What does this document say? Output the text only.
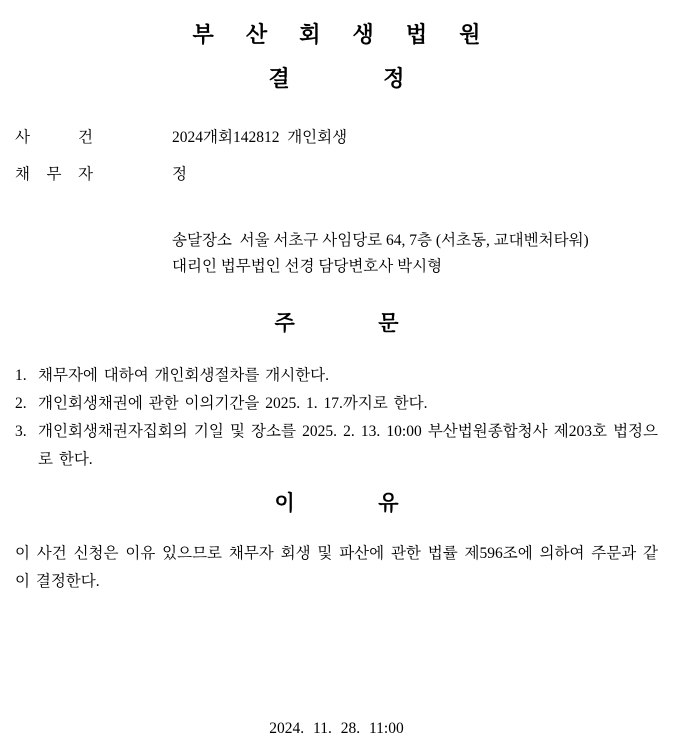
부 산 회 생 법 원
결	정
사	건	2024개회142812  개인회생
채 무 자	정
송달장소  서울 서초구 사임당로 64, 7층 (서초동, 교대벤처타워)
대리인 법무법인 선경 담당변호사 박시형
주	문
1. 채무자에 대하여 개인회생절차를 개시한다.
2. 개인회생채권에 관한 이의기간을 2025. 1. 17.까지로 한다.
3. 개인회생채권자집회의 기일 및 장소를 2025. 2. 13. 10:00 부산법원종합청사 제203호 법정으로 한다.
이	유

이 사건 신청은 이유 있으므로 채무자 회생 및 파산에 관한 법률 제596조에 의하여 주문과 같이 결정한다.

2024. 11. 28. 11:00
